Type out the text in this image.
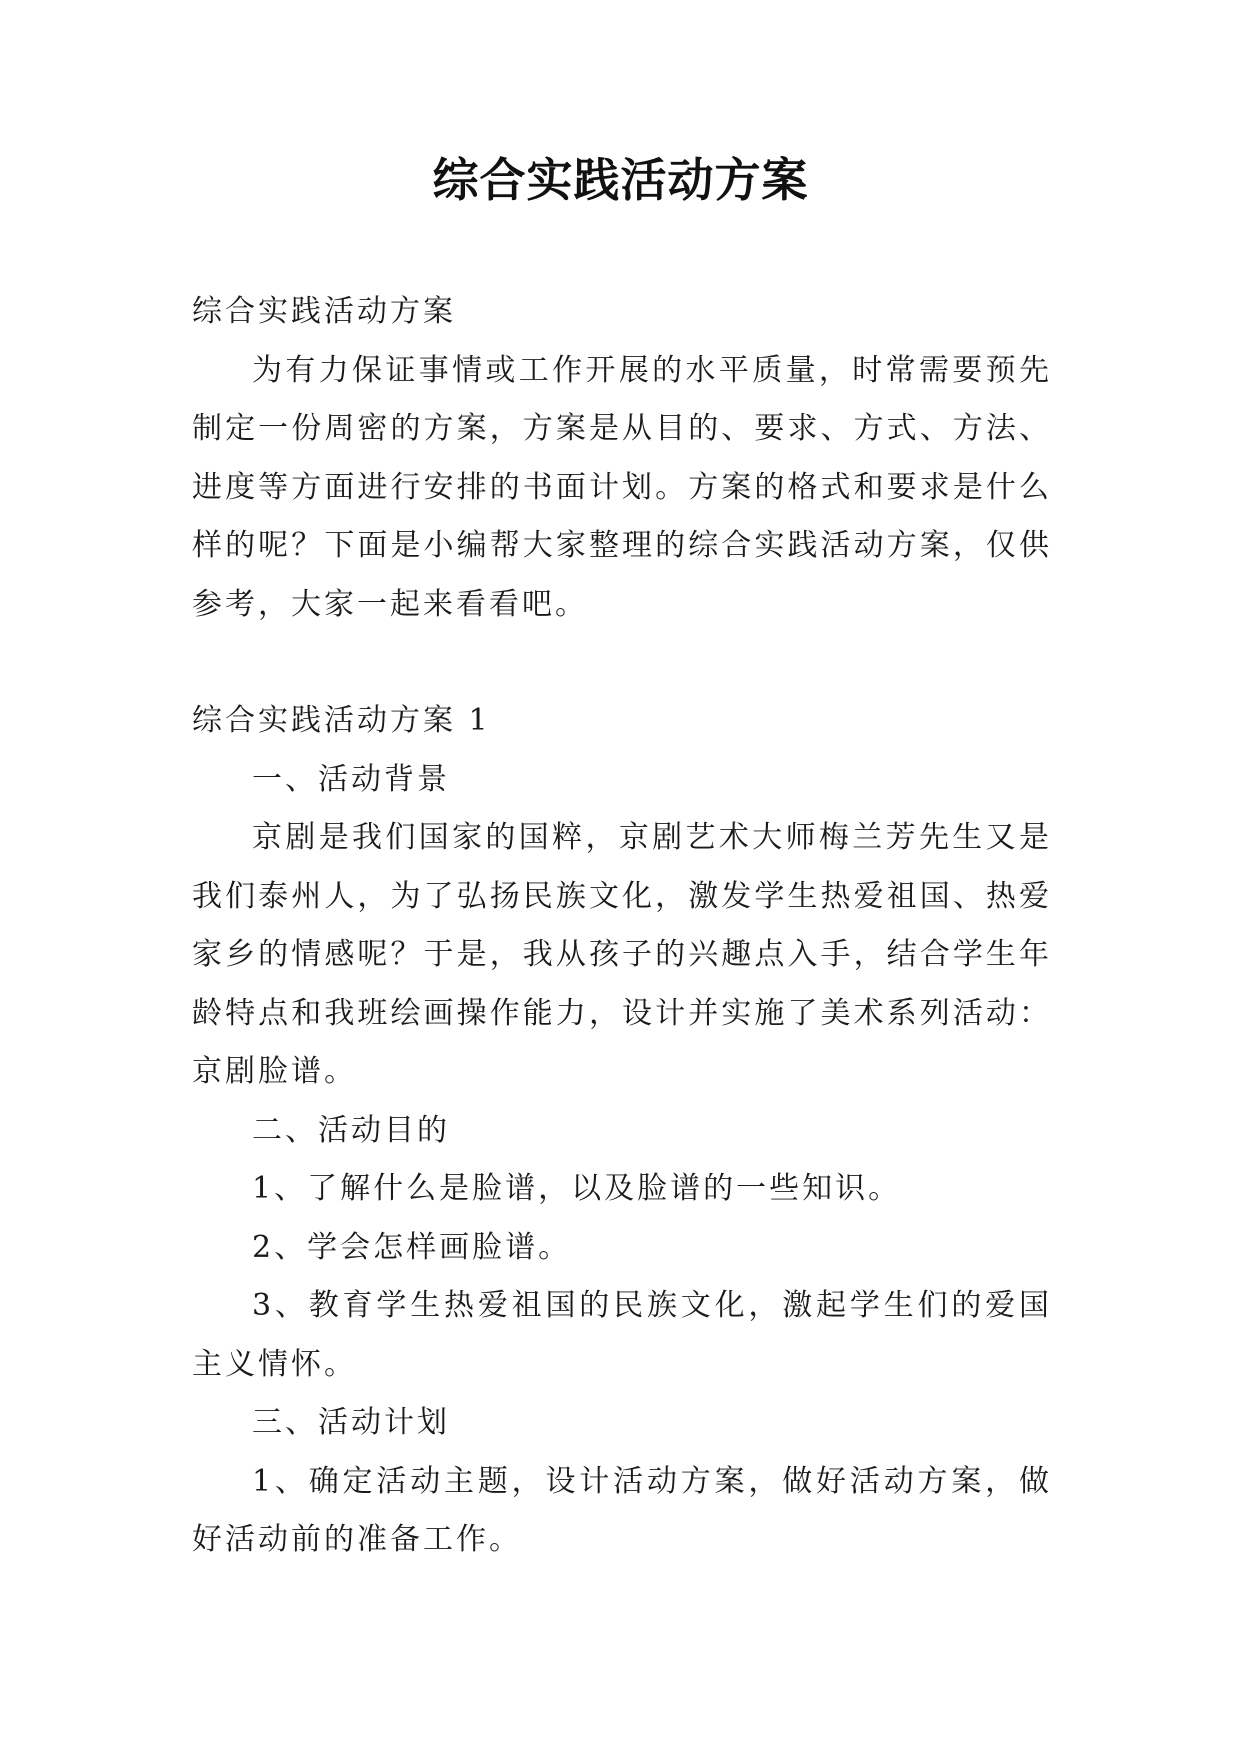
综合实践活动方案

综合实践活动方案

为有力保证事情或工作开展的水平质量，时常需要预先制定一份周密的方案，方案是从目的、要求、方式、方法、进度等方面进行安排的书面计划。方案的格式和要求是什么样的呢？下面是小编帮大家整理的综合实践活动方案，仅供参考，大家一起来看看吧。

综合实践活动方案 1

一、活动背景

京剧是我们国家的国粹，京剧艺术大师梅兰芳先生又是我们泰州人，为了弘扬民族文化，激发学生热爱祖国、热爱家乡的情感呢？于是，我从孩子的兴趣点入手，结合学生年龄特点和我班绘画操作能力，设计并实施了美术系列活动：京剧脸谱。

二、活动目的

1、了解什么是脸谱，以及脸谱的一些知识。

2、学会怎样画脸谱。

3、教育学生热爱祖国的民族文化，激起学生们的爱国主义情怀。

三、活动计划

1、确定活动主题，设计活动方案，做好活动方案，做好活动前的准备工作。
